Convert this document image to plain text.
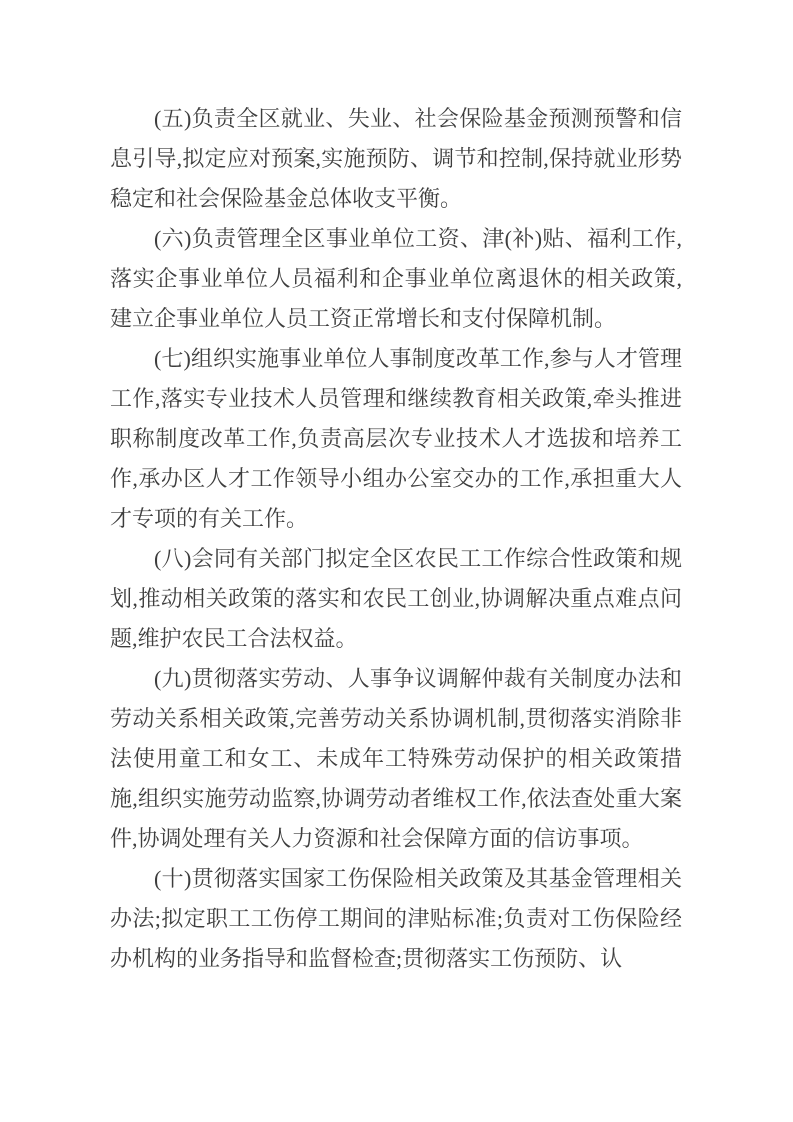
(五)负责全区就业、失业、社会保险基金预测预警和信息引导,拟定应对预案,实施预防、调节和控制,保持就业形势稳定和社会保险基金总体收支平衡。

(六)负责管理全区事业单位工资、津(补)贴、福利工作,落实企事业单位人员福利和企事业单位离退休的相关政策,建立企事业单位人员工资正常增长和支付保障机制。

(七)组织实施事业单位人事制度改革工作,参与人才管理工作,落实专业技术人员管理和继续教育相关政策,牵头推进职称制度改革工作,负责高层次专业技术人才选拔和培养工作,承办区人才工作领导小组办公室交办的工作,承担重大人才专项的有关工作。

(八)会同有关部门拟定全区农民工工作综合性政策和规划,推动相关政策的落实和农民工创业,协调解决重点难点问题,维护农民工合法权益。

(九)贯彻落实劳动、人事争议调解仲裁有关制度办法和劳动关系相关政策,完善劳动关系协调机制,贯彻落实消除非法使用童工和女工、未成年工特殊劳动保护的相关政策措施,组织实施劳动监察,协调劳动者维权工作,依法查处重大案件,协调处理有关人力资源和社会保障方面的信访事项。

(十)贯彻落实国家工伤保险相关政策及其基金管理相关办法;拟定职工工伤停工期间的津贴标准;负责对工伤保险经办机构的业务指导和监督检查;贯彻落实工伤预防、认
